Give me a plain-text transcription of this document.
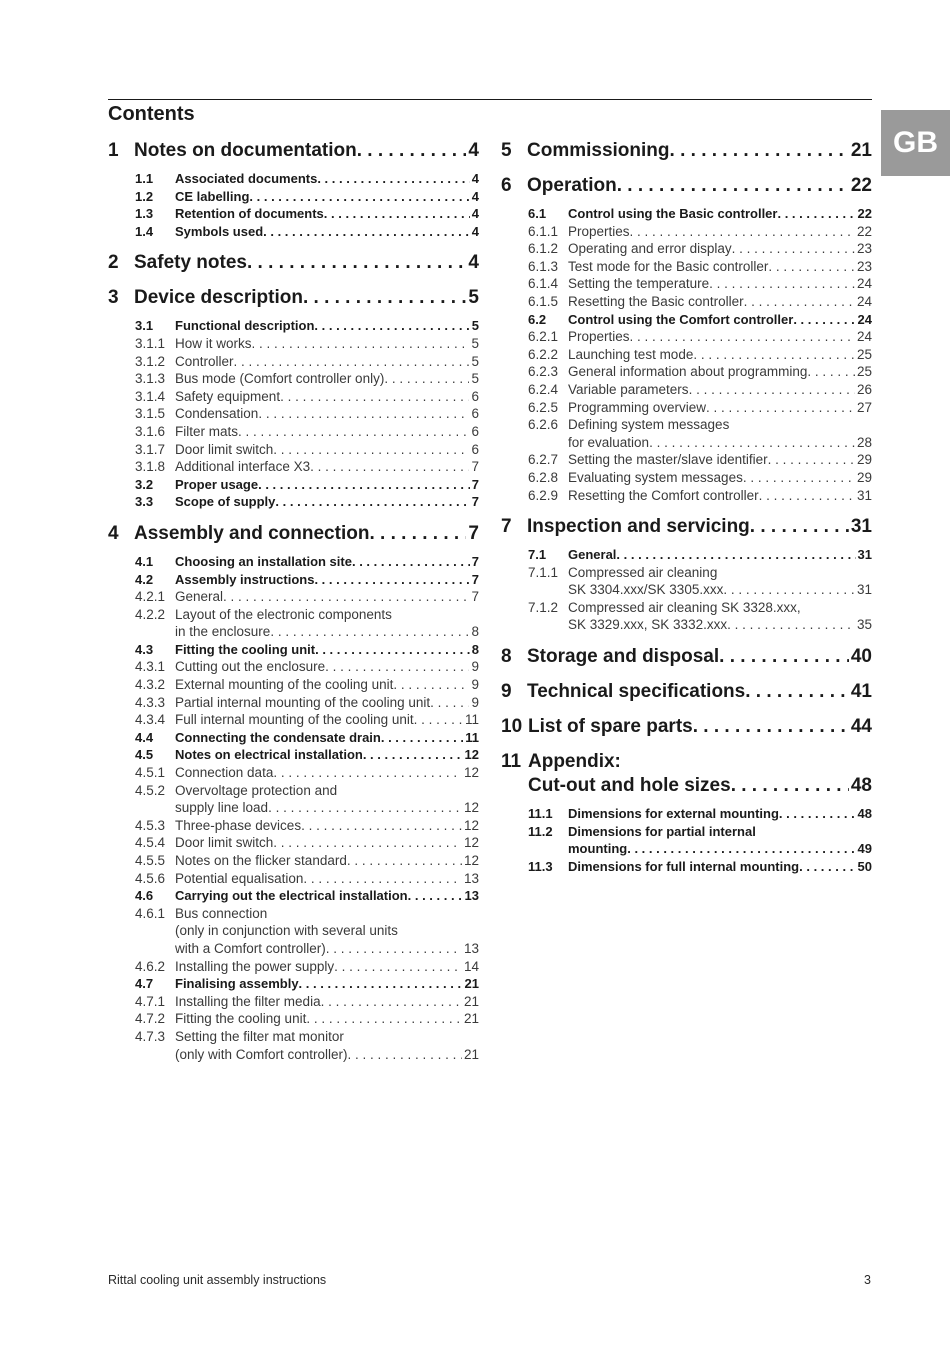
Contents
GB
1 Notes on documentation . . .	4
1.1 Associated documents . . .	4
1.2 CE labelling . . .	4
1.3 Retention of documents . . .	4
1.4 Symbols used . . .	4
2 Safety notes . . .	4
3 Device description . . .	5
3.1 Functional description . . .	5
3.1.1 How it works . . .	5
3.1.2 Controller . . .	5
3.1.3 Bus mode (Comfort controller only) . . .	5
3.1.4 Safety equipment . . .	6
3.1.5 Condensation . . .	6
3.1.6 Filter mats . . .	6
3.1.7 Door limit switch . . .	6
3.1.8 Additional interface X3 . . .	7
3.2 Proper usage . . .	7
3.3 Scope of supply . . .	7
4 Assembly and connection . . .	7
4.1 Choosing an installation site . . .	7
4.2 Assembly instructions . . .	7
4.2.1 General . . .	7
4.2.2 Layout of the electronic components
in the enclosure . . .	8
4.3 Fitting the cooling unit . . .	8
4.3.1 Cutting out the enclosure . . .	9
4.3.2 External mounting of the cooling unit . . .	9
4.3.3 Partial internal mounting of the cooling unit . . .	9
4.3.4 Full internal mounting of the cooling unit . . .	11
4.4 Connecting the condensate drain . . .	11
4.5 Notes on electrical installation . . .	12
4.5.1 Connection data . . .	12
4.5.2 Overvoltage protection and
supply line load . . .	12
4.5.3 Three-phase devices . . .	12
4.5.4 Door limit switch . . .	12
4.5.5 Notes on the flicker standard . . .	12
4.5.6 Potential equalisation . . .	13
4.6 Carrying out the electrical installation . . .	13
4.6.1 Bus connection
(only in conjunction with several units
with a Comfort controller) . . .	13
4.6.2 Installing the power supply . . .	14
4.7 Finalising assembly . . .	21
4.7.1 Installing the filter media . . .	21
4.7.2 Fitting the cooling unit . . .	21
4.7.3 Setting the filter mat monitor
(only with Comfort controller) . . .	21
5 Commissioning . . .	21
6 Operation . . .	22
6.1 Control using the Basic controller . . .	22
6.1.1 Properties . . .	22
6.1.2 Operating and error display . . .	23
6.1.3 Test mode for the Basic controller . . .	23
6.1.4 Setting the temperature . . .	24
6.1.5 Resetting the Basic controller . . .	24
6.2 Control using the Comfort controller . . .	24
6.2.1 Properties . . .	24
6.2.2 Launching test mode . . .	25
6.2.3 General information about programming . . .	25
6.2.4 Variable parameters . . .	26
6.2.5 Programming overview . . .	27
6.2.6 Defining system messages
for evaluation . . .	28
6.2.7 Setting the master/slave identifier . . .	29
6.2.8 Evaluating system messages . . .	29
6.2.9 Resetting the Comfort controller . . .	31
7 Inspection and servicing . . .	31
7.1 General . . .	31
7.1.1 Compressed air cleaning
SK 3304.xxx/SK 3305.xxx . . .	31
7.1.2 Compressed air cleaning SK 3328.xxx,
SK 3329.xxx, SK 3332.xxx . . .	35
8 Storage and disposal . . .	40
9 Technical specifications . . .	41
10 List of spare parts . . .	44
11 Appendix:
Cut-out and hole sizes . . .	48
11.1 Dimensions for external mounting . . .	48
11.2 Dimensions for partial internal
mounting . . .	49
11.3 Dimensions for full internal mounting . . .	50
Rittal cooling unit assembly instructions	3
